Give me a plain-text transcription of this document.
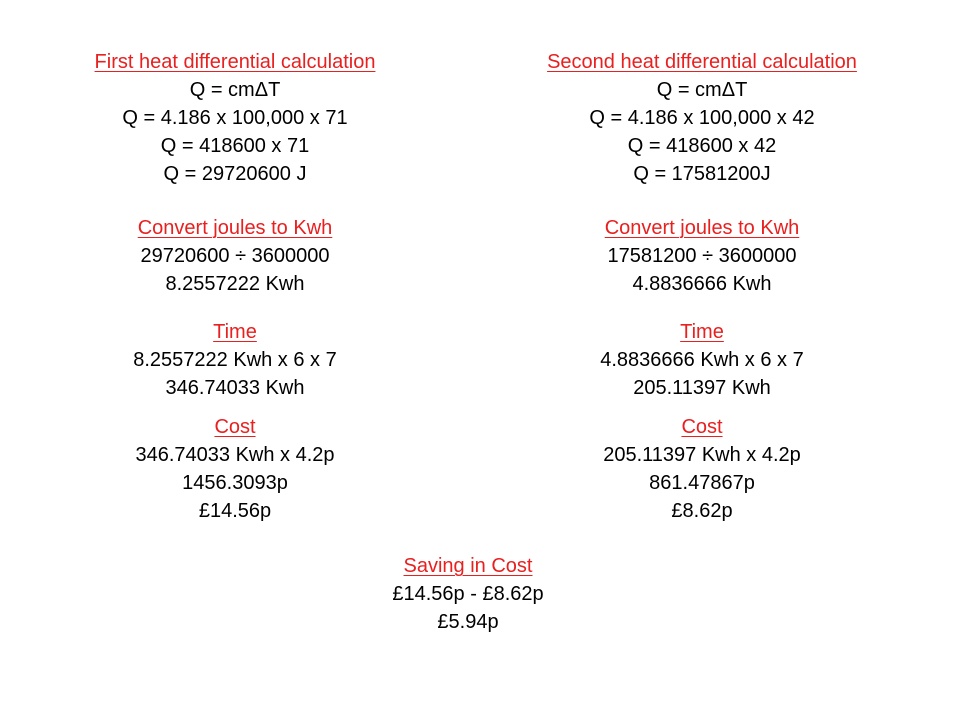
First heat differential calculation
Q = cmΔT
Q = 4.186 x 100,000 x 71
Q = 418600 x 71
Q = 29720600 J
Convert joules to Kwh
29720600 ÷ 3600000
8.2557222 Kwh
Time
8.2557222 Kwh x 6 x 7
346.74033 Kwh
Cost
346.74033 Kwh x 4.2p
1456.3093p
£14.56p
Second heat differential calculation
Q = cmΔT
Q = 4.186 x 100,000 x 42
Q = 418600 x 42
Q = 17581200J
Convert joules to Kwh
17581200 ÷ 3600000
4.8836666 Kwh
Time
4.8836666 Kwh x 6 x 7
205.11397 Kwh
Cost
205.11397 Kwh x 4.2p
861.47867p
£8.62p
Saving in Cost
£14.56p - £8.62p
£5.94p
